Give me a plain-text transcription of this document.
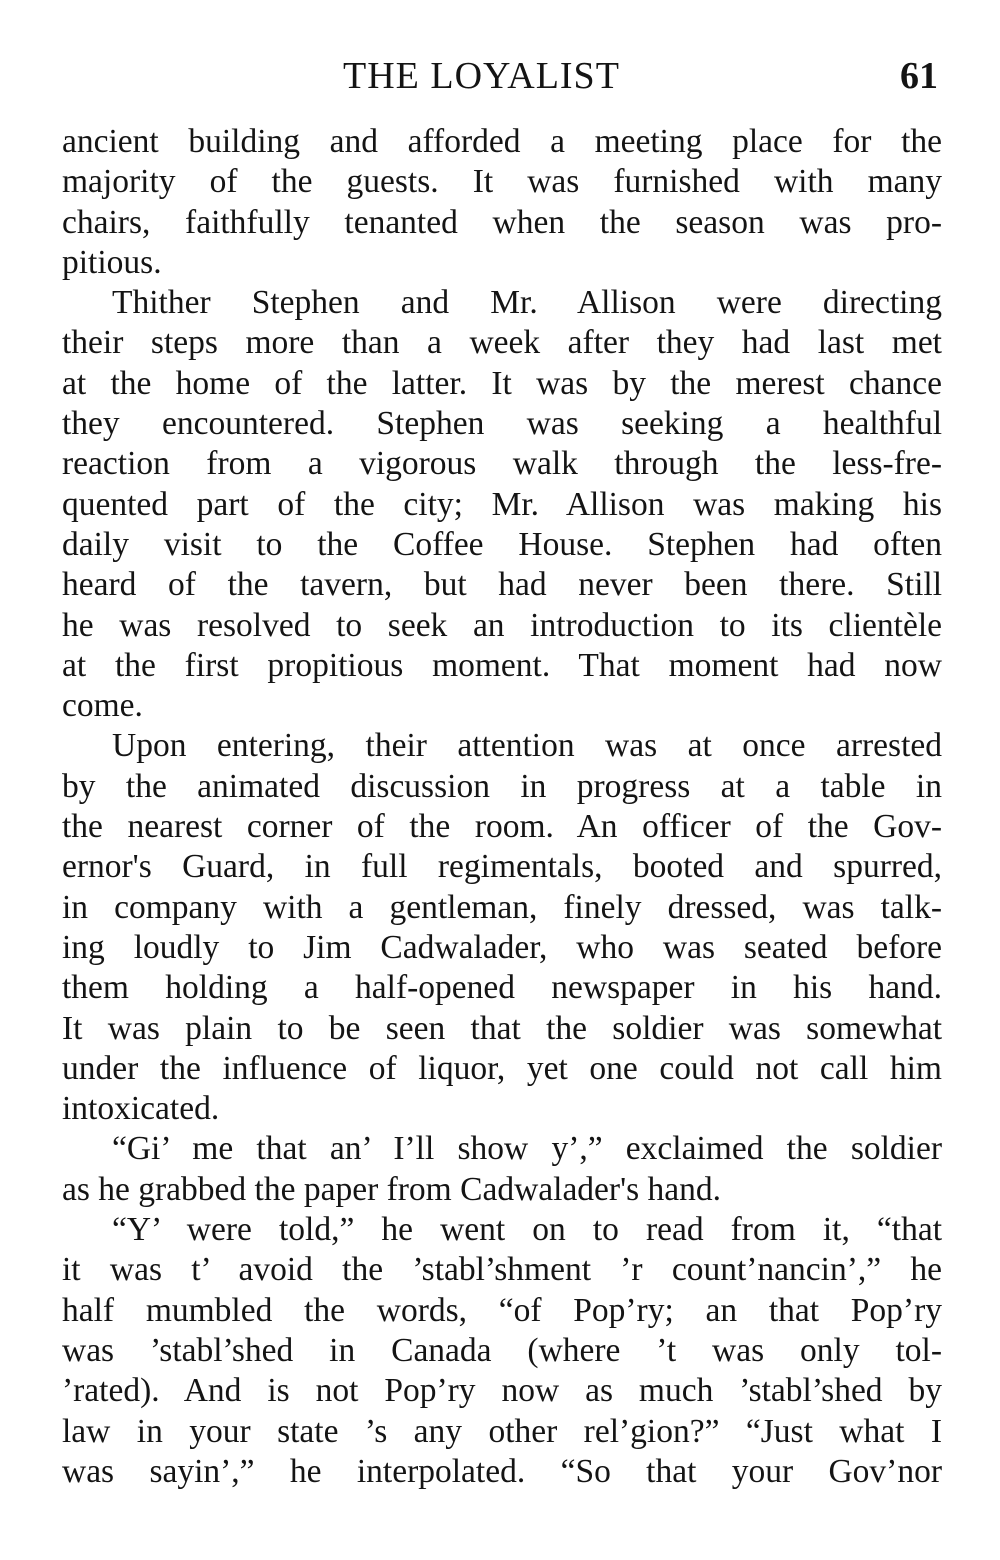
THE LOYALIST	61
ancient building and afforded a meeting place for the
majority of the guests. It was furnished with many
chairs, faithfully tenanted when the season was pro-
pitious.
Thither Stephen and Mr. Allison were directing
their steps more than a week after they had last met
at the home of the latter. It was by the merest chance
they encountered. Stephen was seeking a healthful
reaction from a vigorous walk through the less-fre-
quented part of the city; Mr. Allison was making his
daily visit to the Coffee House. Stephen had often
heard of the tavern, but had never been there. Still
he was resolved to seek an introduction to its clientèle
at the first propitious moment. That moment had now
come.
Upon entering, their attention was at once arrested
by the animated discussion in progress at a table in
the nearest corner of the room. An officer of the Gov-
ernor's Guard, in full regimentals, booted and spurred,
in company with a gentleman, finely dressed, was talk-
ing loudly to Jim Cadwalader, who was seated before
them holding a half-opened newspaper in his hand.
It was plain to be seen that the soldier was somewhat
under the influence of liquor, yet one could not call him
intoxicated.
“Gi’ me that an’ I’ll show y’,” exclaimed the soldier
as he grabbed the paper from Cadwalader's hand.
“Y’ were told,” he went on to read from it, “that
it was t’ avoid the ’stabl’shment ’r count’nancin’,” he
half mumbled the words, “of Pop’ry; an that Pop’ry
was ’stabl’shed in Canada (where ’t was only tol-
’rated). And is not Pop’ry now as much ’stabl’shed by
law in your state ’s any other rel’gion?” “Just what I
was sayin’,” he interpolated. “So that your Gov’nor
